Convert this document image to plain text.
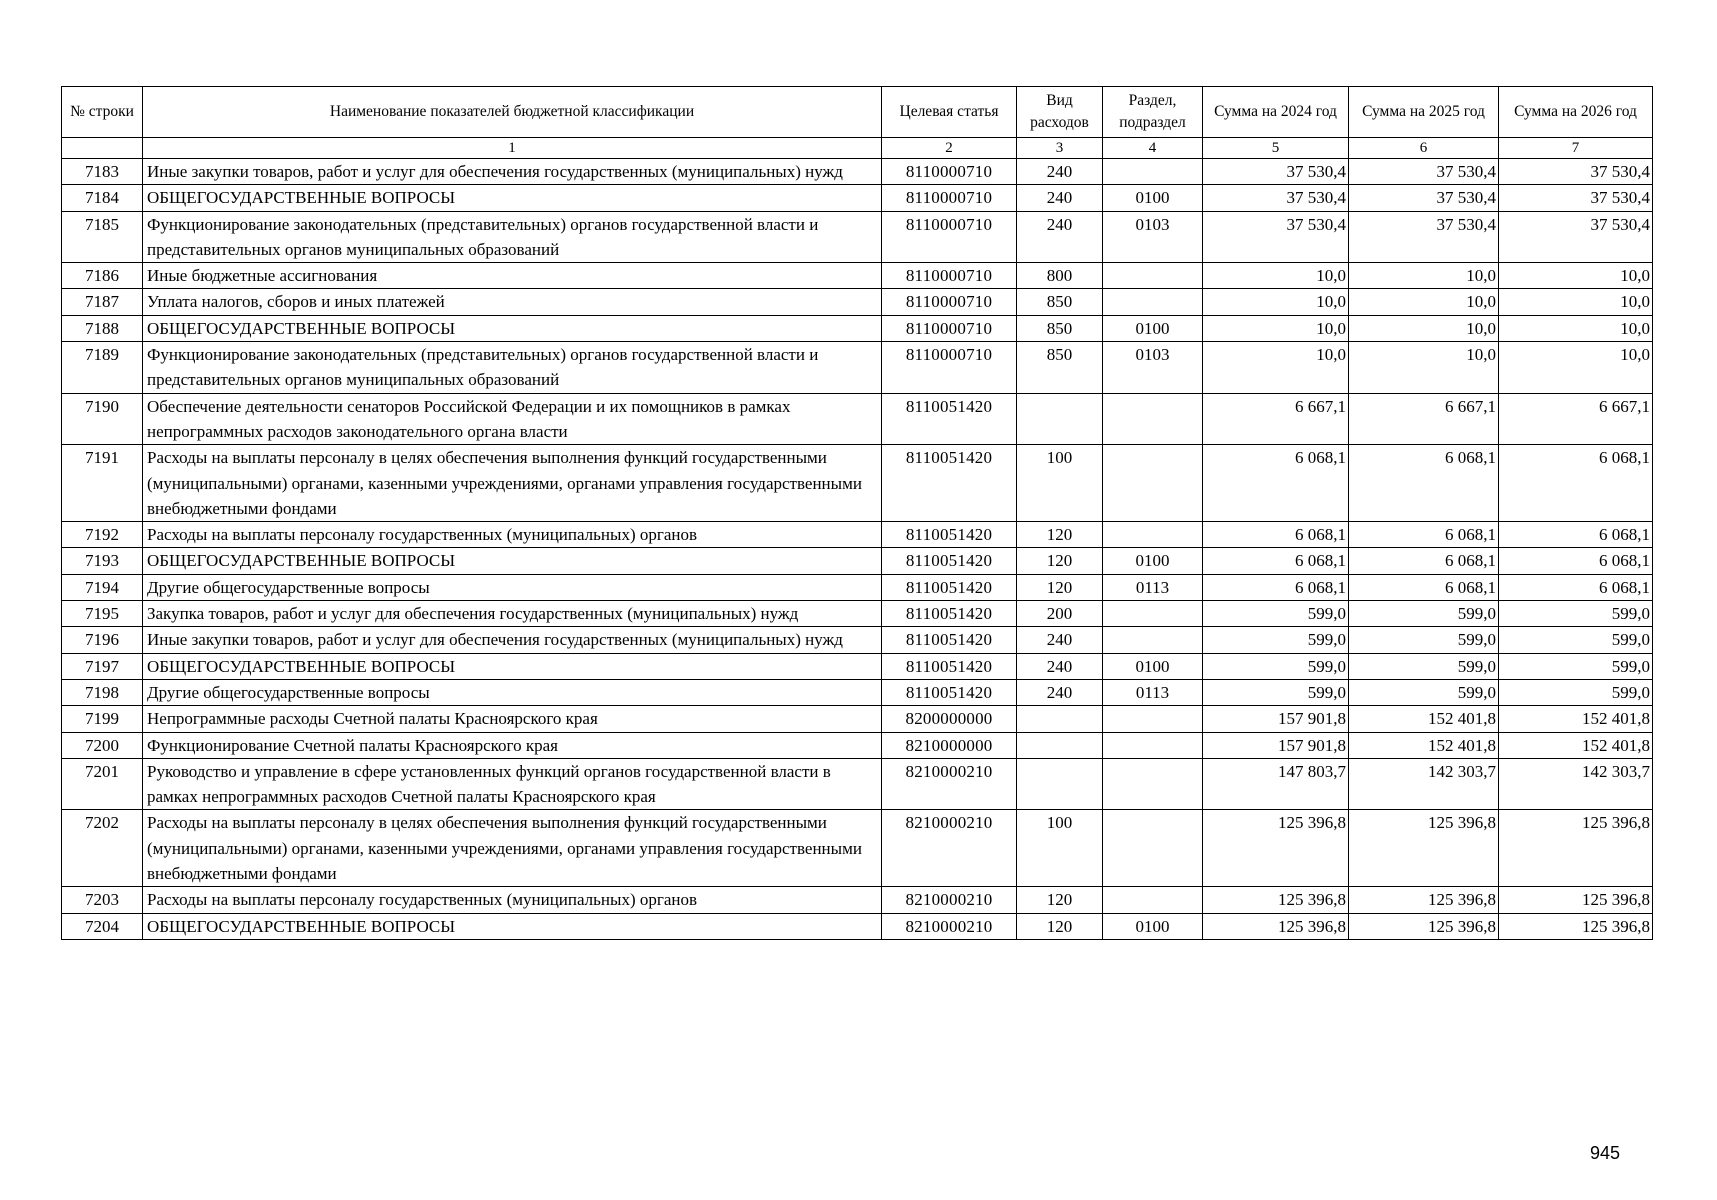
№ строки	Наименование показателей бюджетной классификации	Целевая статья	Вид расходов	Раздел, подраздел	Сумма на 2024 год	Сумма на 2025 год	Сумма на 2026 год
	1	2	3	4	5	6	7
7183	Иные закупки товаров, работ и услуг для обеспечения государственных (муниципальных) нужд	8110000710	240		37 530,4	37 530,4	37 530,4
7184	ОБЩЕГОСУДАРСТВЕННЫЕ ВОПРОСЫ	8110000710	240	0100	37 530,4	37 530,4	37 530,4
7185	Функционирование законодательных (представительных) органов государственной власти и представительных органов муниципальных образований	8110000710	240	0103	37 530,4	37 530,4	37 530,4
7186	Иные бюджетные ассигнования	8110000710	800		10,0	10,0	10,0
7187	Уплата налогов, сборов и иных платежей	8110000710	850		10,0	10,0	10,0
7188	ОБЩЕГОСУДАРСТВЕННЫЕ ВОПРОСЫ	8110000710	850	0100	10,0	10,0	10,0
7189	Функционирование законодательных (представительных) органов государственной власти и представительных органов муниципальных образований	8110000710	850	0103	10,0	10,0	10,0
7190	Обеспечение деятельности сенаторов Российской Федерации и их помощников в рамках непрограммных расходов законодательного органа власти	8110051420			6 667,1	6 667,1	6 667,1
7191	Расходы на выплаты персоналу в целях обеспечения выполнения функций государственными (муниципальными) органами, казенными учреждениями, органами управления государственными внебюджетными фондами	8110051420	100		6 068,1	6 068,1	6 068,1
7192	Расходы на выплаты персоналу государственных (муниципальных) органов	8110051420	120		6 068,1	6 068,1	6 068,1
7193	ОБЩЕГОСУДАРСТВЕННЫЕ ВОПРОСЫ	8110051420	120	0100	6 068,1	6 068,1	6 068,1
7194	Другие общегосударственные вопросы	8110051420	120	0113	6 068,1	6 068,1	6 068,1
7195	Закупка товаров, работ и услуг для обеспечения государственных (муниципальных) нужд	8110051420	200		599,0	599,0	599,0
7196	Иные закупки товаров, работ и услуг для обеспечения государственных (муниципальных) нужд	8110051420	240		599,0	599,0	599,0
7197	ОБЩЕГОСУДАРСТВЕННЫЕ ВОПРОСЫ	8110051420	240	0100	599,0	599,0	599,0
7198	Другие общегосударственные вопросы	8110051420	240	0113	599,0	599,0	599,0
7199	Непрограммные расходы Счетной палаты Красноярского края	8200000000			157 901,8	152 401,8	152 401,8
7200	Функционирование Счетной палаты Красноярского края	8210000000			157 901,8	152 401,8	152 401,8
7201	Руководство и управление в сфере установленных функций органов государственной власти в рамках непрограммных расходов Счетной палаты Красноярского края	8210000210			147 803,7	142 303,7	142 303,7
7202	Расходы на выплаты персоналу в целях обеспечения выполнения функций государственными (муниципальными) органами, казенными учреждениями, органами управления государственными внебюджетными фондами	8210000210	100		125 396,8	125 396,8	125 396,8
7203	Расходы на выплаты персоналу государственных (муниципальных) органов	8210000210	120		125 396,8	125 396,8	125 396,8
7204	ОБЩЕГОСУДАРСТВЕННЫЕ ВОПРОСЫ	8210000210	120	0100	125 396,8	125 396,8	125 396,8
945
